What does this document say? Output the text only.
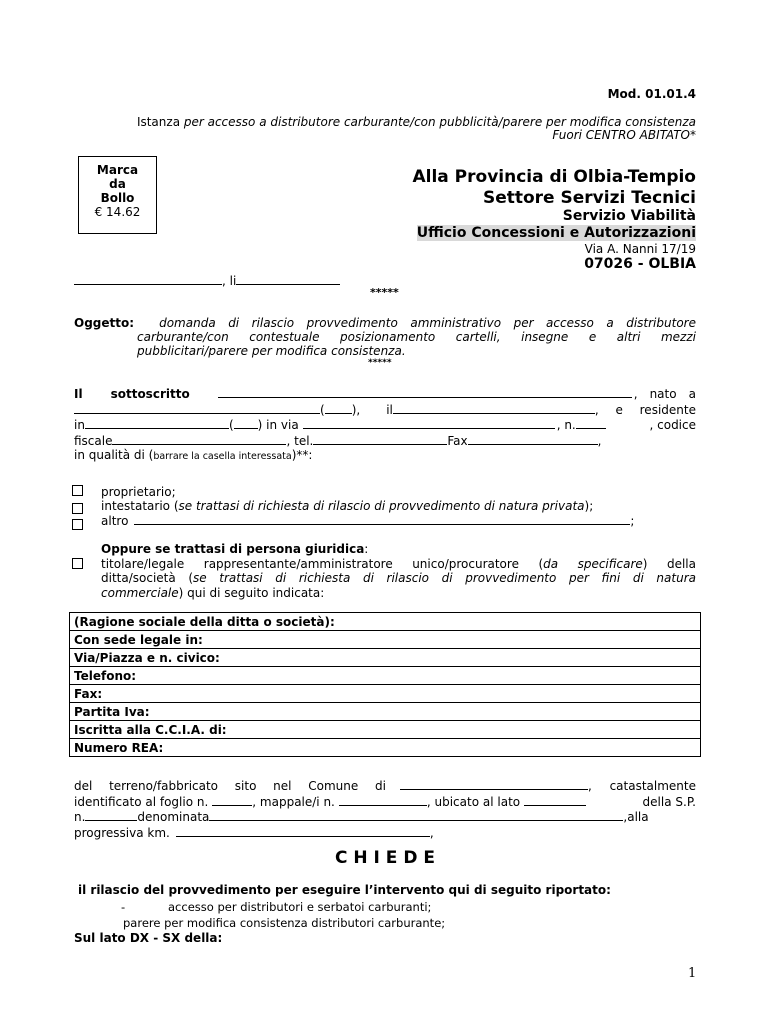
Mod. 01.01.4
Istanza per accesso a distributore carburante/con pubblicità/parere per modifica consistenza
Fuori CENTRO ABITATO*
Marca
da
Bollo
€ 14.62
Alla Provincia di Olbia-Tempio
Settore Servizi Tecnici
Servizio Viabilità
Ufficio Concessioni e Autorizzazioni
Via A. Nanni 17/19
07026 - OLBIA
, li
*****
Oggetto: domanda di rilascio provvedimento amministrativo per accesso a distributore
carburante/con contestuale posizionamento cartelli, insegne e altri mezzi
pubblicitari/parere per modifica consistenza.
*****
Il sottoscritto	, nato a
( ), il	, e residente
in	( ) in via	, n.	, codice
fiscale	, tel.	Fax	,
in qualità di (barrare la casella interessata)**:
proprietario;
intestatario (se trattasi di richiesta di rilascio di provvedimento di natura privata);
altro	;
Oppure se trattasi di persona giuridica:
titolare/legale rappresentante/amministratore unico/procuratore (da specificare) della
ditta/società (se trattasi di richiesta di rilascio di provvedimento per fini di natura
commerciale) qui di seguito indicata:
(Ragione sociale della ditta o società):
Con sede legale in:
Via/Piazza e n. civico:
Telefono:
Fax:
Partita Iva:
Iscritta alla C.C.I.A. di:
Numero REA:
del terreno/fabbricato sito nel Comune di	, catastalmente
identificato al foglio n.	, mappale/i n.	, ubicato al lato	della S.P.
n.	denominata	,alla
progressiva km.	,
C H I E D E
il rilascio del provvedimento per eseguire l’intervento qui di seguito riportato:
-	accesso per distributori e serbatoi carburanti;
parere per modifica consistenza distributori carburante;
Sul lato DX - SX della:
1
